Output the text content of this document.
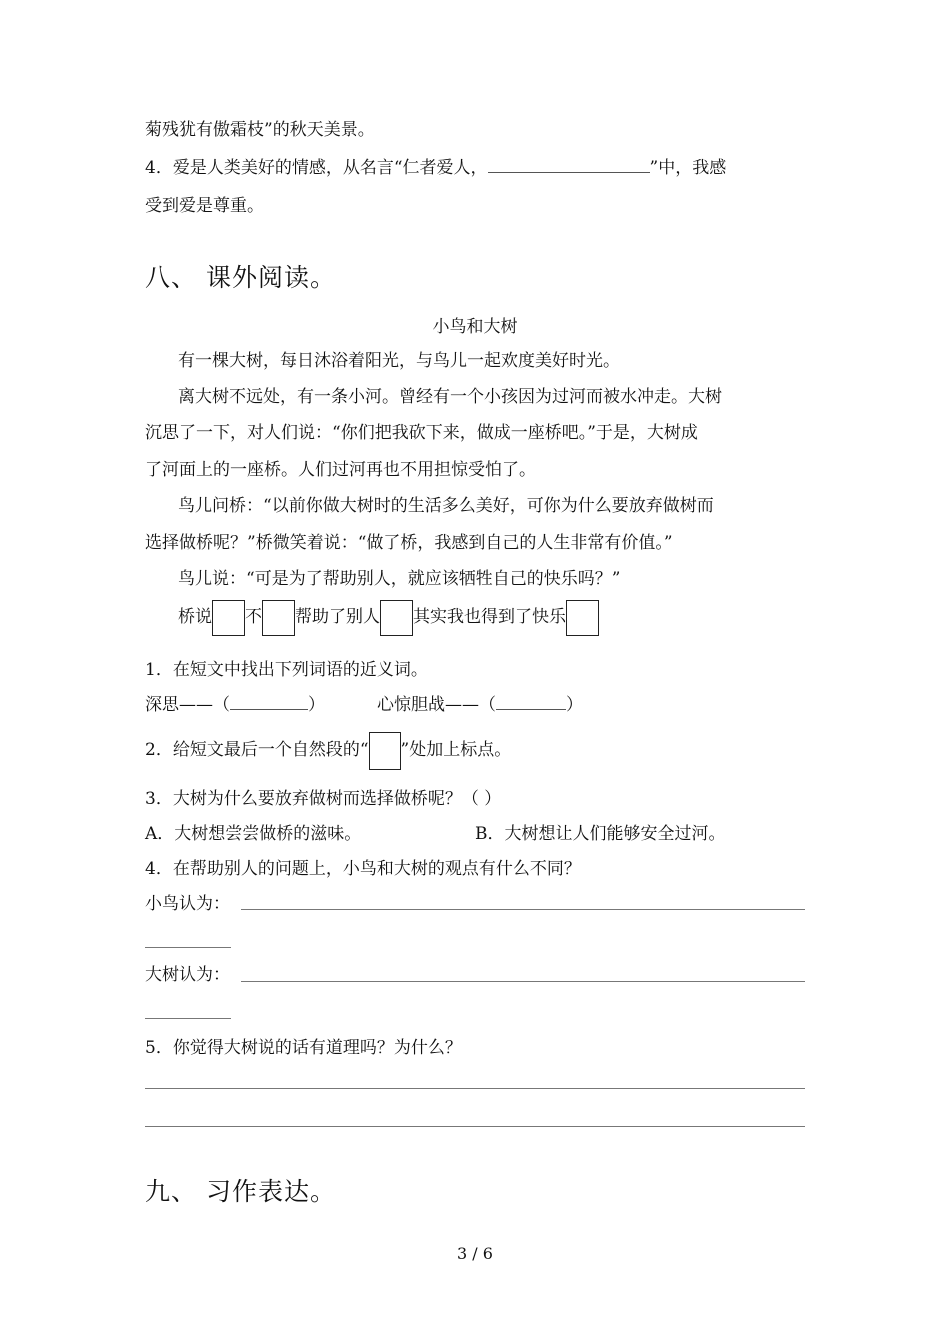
菊残犹有傲霜枝”的秋天美景。
4．爱是人类美好的情感，从名言“仁者爱人，	”中，我感
受到爱是尊重。
八、 课外阅读。
小鸟和大树
有一棵大树，每日沐浴着阳光，与鸟儿一起欢度美好时光。
离大树不远处，有一条小河。曾经有一个小孩因为过河而被水冲走。大树
沉思了一下，对人们说：“你们把我砍下来，做成一座桥吧。”于是，大树成
了河面上的一座桥。人们过河再也不用担惊受怕了。
鸟儿问桥：“以前你做大树时的生活多么美好，可你为什么要放弃做树而
选择做桥呢？”桥微笑着说：“做了桥，我感到自己的人生非常有价值。”
鸟儿说：“可是为了帮助别人，就应该牺牲自己的快乐吗？”
桥说 不 帮助了别人 其实我也得到了快乐
1．在短文中找出下列词语的近义词。
深思——（	）	心惊胆战——（	）
2．给短文最后一个自然段的“ ”处加上标点。
3．大树为什么要放弃做树而选择做桥呢？（ ）
A．大树想尝尝做桥的滋味。	B．大树想让人们能够安全过河。
4．在帮助别人的问题上，小鸟和大树的观点有什么不同？
小鸟认为：
大树认为：
5．你觉得大树说的话有道理吗？为什么？
九、 习作表达。
3 / 6
